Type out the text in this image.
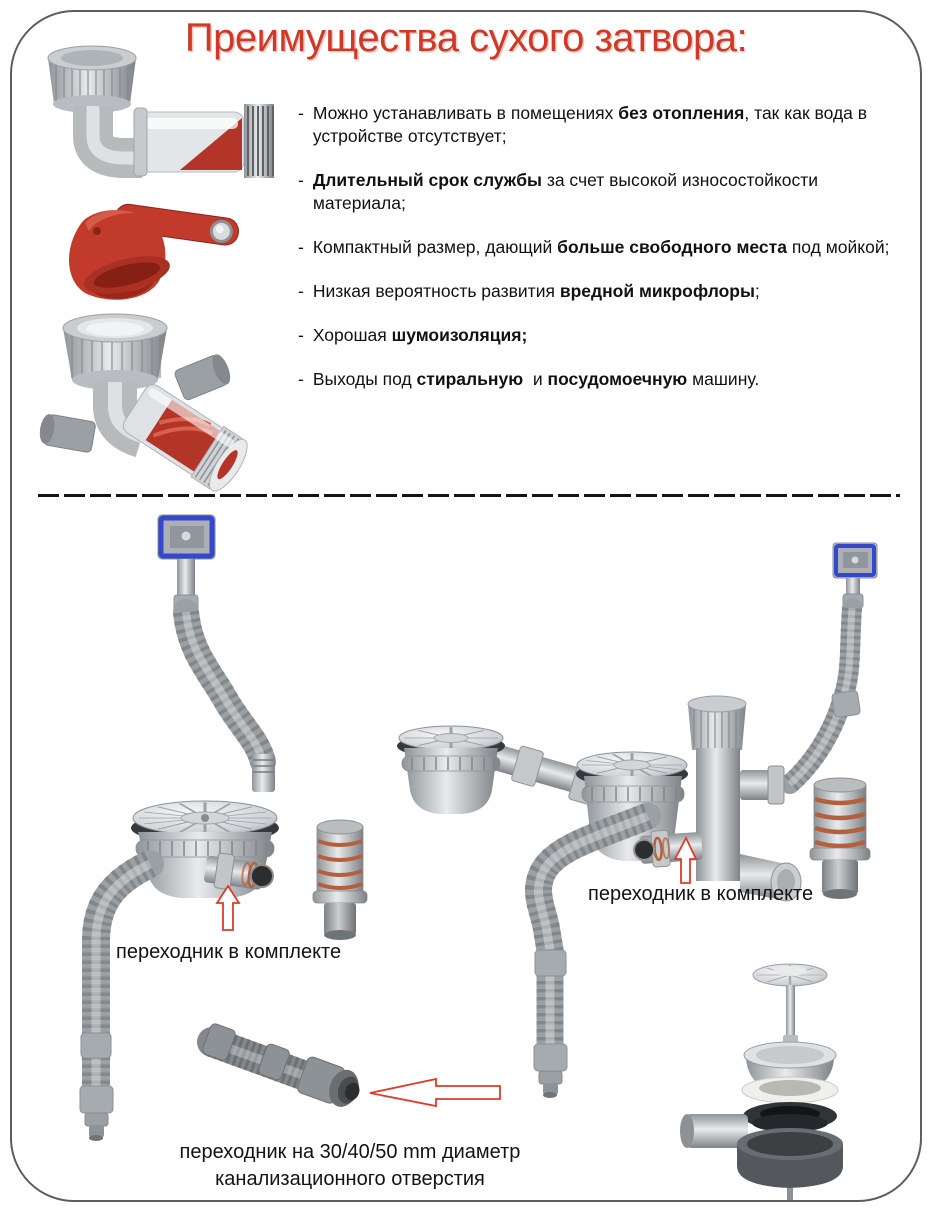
Преимущества сухого затвора:
- Можно устанавливать в помещениях без отопления, так как вода в устройстве отсутствует;
- Длительный срок службы за счет высокой износостойкости материала;
- Компактный размер, дающий больше свободного места под мойкой;
- Низкая вероятность развития вредной микрофлоры;
- Хорошая шумоизоляция;
- Выходы под стиральную  и посудомоечную машину.
переходник в комплекте
переходник в комплекте
переходник на 30/40/50 mm диаметр
канализационного отверстия
